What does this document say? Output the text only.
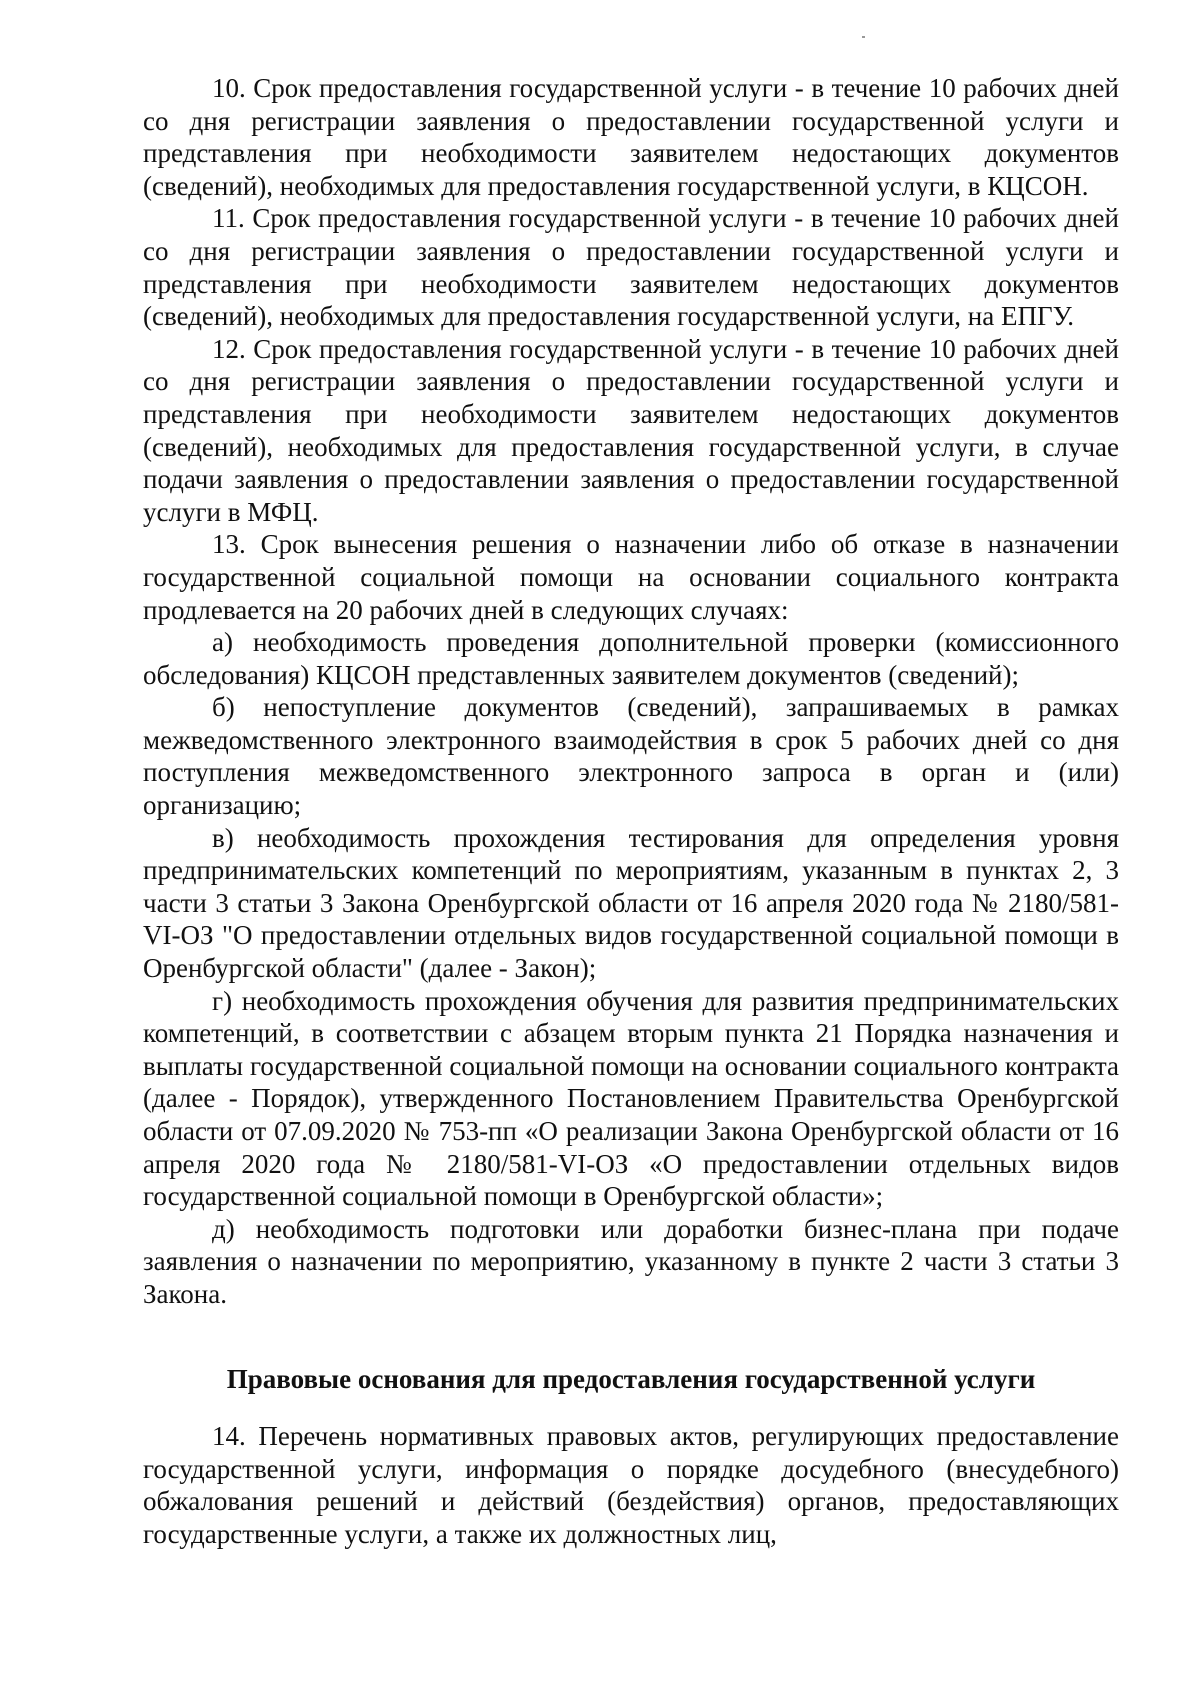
10. Срок предоставления государственной услуги - в течение 10 рабочих дней со дня регистрации заявления о предоставлении государственной услуги и представления при необходимости заявителем недостающих документов (сведений), необходимых для предоставления государственной услуги, в КЦСОН.

11. Срок предоставления государственной услуги - в течение 10 рабочих дней со дня регистрации заявления о предоставлении государственной услуги и представления при необходимости заявителем недостающих документов (сведений), необходимых для предоставления государственной услуги, на ЕПГУ.

12. Срок предоставления государственной услуги - в течение 10 рабочих дней со дня регистрации заявления о предоставлении государственной услуги и представления при необходимости заявителем недостающих документов (сведений), необходимых для предоставления государственной услуги, в случае подачи заявления о предоставлении заявления о предоставлении государственной услуги в МФЦ.

13. Срок вынесения решения о назначении либо об отказе в назначении государственной социальной помощи на основании социального контракта продлевается на 20 рабочих дней в следующих случаях:

а) необходимость проведения дополнительной проверки (комиссионного обследования) КЦСОН представленных заявителем документов (сведений);

б) непоступление документов (сведений), запрашиваемых в рамках межведомственного электронного взаимодействия в срок 5 рабочих дней со дня поступления межведомственного электронного запроса в орган и (или) организацию;

в) необходимость прохождения тестирования для определения уровня предпринимательских компетенций по мероприятиям, указанным в пунктах 2, 3 части 3 статьи 3 Закона Оренбургской области от 16 апреля 2020 года № 2180/581-VI-ОЗ "О предоставлении отдельных видов государственной социальной помощи в Оренбургской области" (далее - Закон);

г) необходимость прохождения обучения для развития предпринимательских компетенций, в соответствии с абзацем вторым пункта 21 Порядка назначения и выплаты государственной социальной помощи на основании социального контракта (далее - Порядок), утвержденного Постановлением Правительства Оренбургской области от 07.09.2020 № 753-пп «О реализации Закона Оренбургской области от 16 апреля 2020 года № 2180/581-VI-ОЗ «О предоставлении отдельных видов государственной социальной помощи в Оренбургской области»;

д) необходимость подготовки или доработки бизнес-плана при подаче заявления о назначении по мероприятию, указанному в пункте 2 части 3 статьи 3 Закона.

Правовые основания для предоставления государственной услуги

14. Перечень нормативных правовых актов, регулирующих предоставление государственной услуги, информация о порядке досудебного (внесудебного) обжалования решений и действий (бездействия) органов, предоставляющих государственные услуги, а также их должностных лиц,
